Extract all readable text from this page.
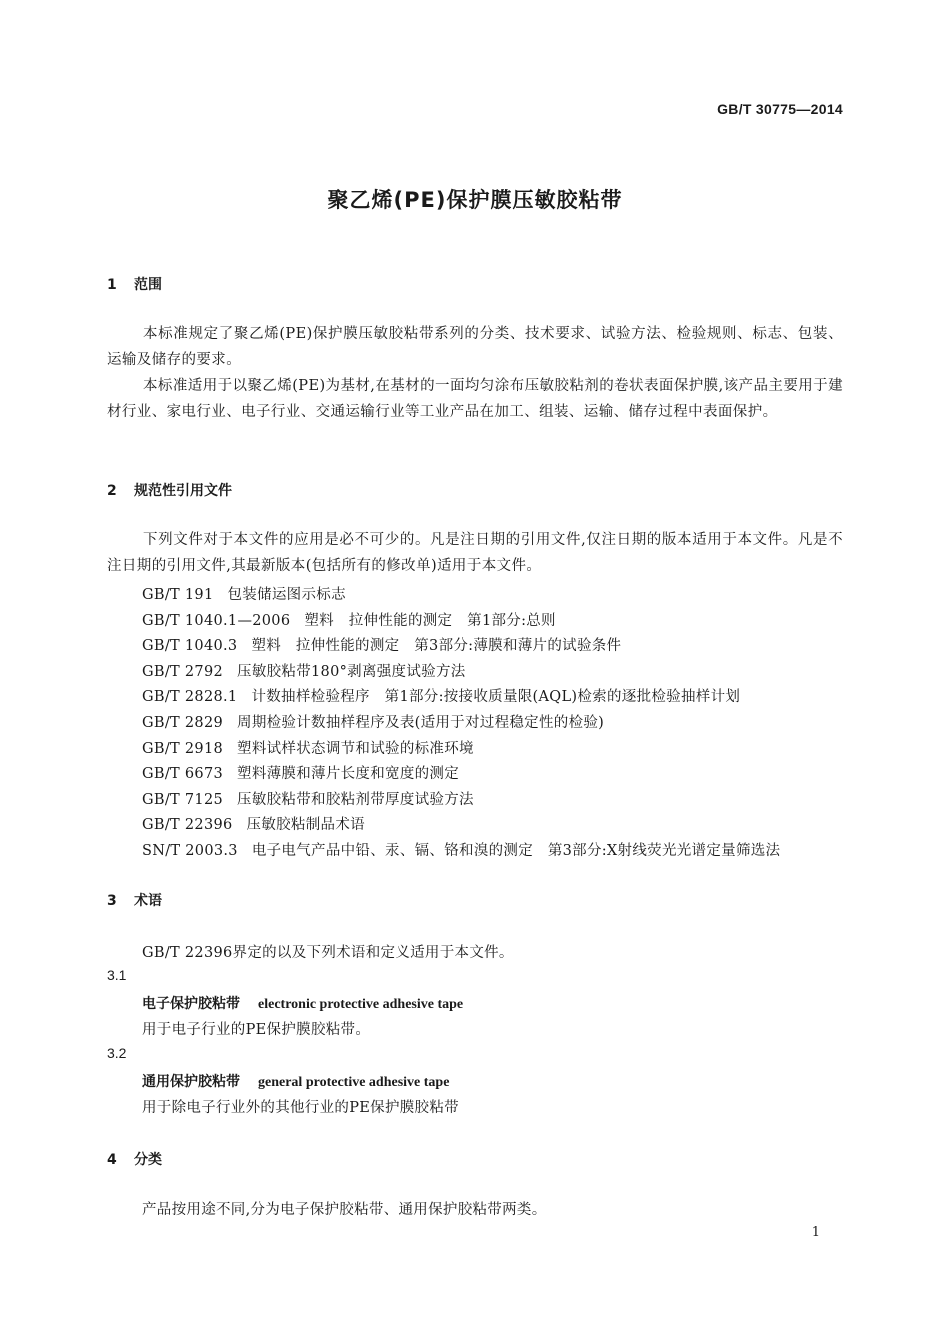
GB/T 30775—2014
聚乙烯(PE)保护膜压敏胶粘带
1 范围
本标准规定了聚乙烯(PE)保护膜压敏胶粘带系列的分类、技术要求、试验方法、检验规则、标志、包装、运输及储存的要求。
本标准适用于以聚乙烯(PE)为基材,在基材的一面均匀涂布压敏胶粘剂的卷状表面保护膜,该产品主要用于建材行业、家电行业、电子行业、交通运输行业等工业产品在加工、组装、运输、储存过程中表面保护。
2 规范性引用文件
下列文件对于本文件的应用是必不可少的。凡是注日期的引用文件,仅注日期的版本适用于本文件。凡是不注日期的引用文件,其最新版本(包括所有的修改单)适用于本文件。
GB/T 191 包装储运图示标志
GB/T 1040.1—2006 塑料　拉伸性能的测定　第1部分:总则
GB/T 1040.3 塑料　拉伸性能的测定　第3部分:薄膜和薄片的试验条件
GB/T 2792 压敏胶粘带180°剥离强度试验方法
GB/T 2828.1 计数抽样检验程序　第1部分:按接收质量限(AQL)检索的逐批检验抽样计划
GB/T 2829 周期检验计数抽样程序及表(适用于对过程稳定性的检验)
GB/T 2918 塑料试样状态调节和试验的标准环境
GB/T 6673 塑料薄膜和薄片长度和宽度的测定
GB/T 7125 压敏胶粘带和胶粘剂带厚度试验方法
GB/T 22396 压敏胶粘制品术语
SN/T 2003.3 电子电气产品中铅、汞、镉、铬和溴的测定　第3部分:X射线荧光光谱定量筛选法
3 术语
GB/T 22396界定的以及下列术语和定义适用于本文件。
3.1
电子保护胶粘带 electronic protective adhesive tape
用于电子行业的PE保护膜胶粘带。
3.2
通用保护胶粘带 general protective adhesive tape
用于除电子行业外的其他行业的PE保护膜胶粘带
4 分类
产品按用途不同,分为电子保护胶粘带、通用保护胶粘带两类。
1
